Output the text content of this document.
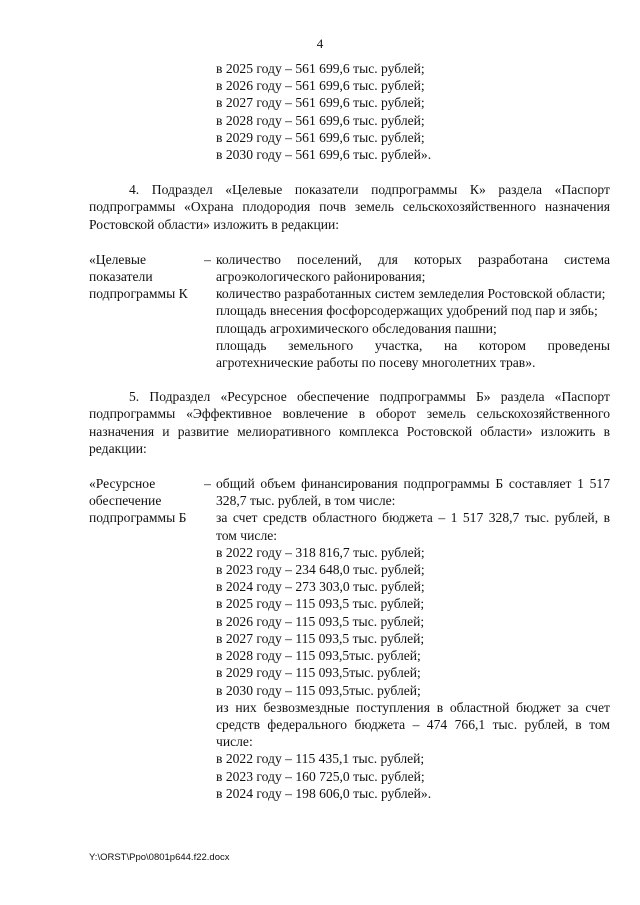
4
в 2025 году – 561 699,6 тыс. рублей;
в 2026 году – 561 699,6 тыс. рублей;
в 2027 году – 561 699,6 тыс. рублей;
в 2028 году – 561 699,6 тыс. рублей;
в 2029 году – 561 699,6 тыс. рублей;
в 2030 году – 561 699,6 тыс. рублей».
4. Подраздел «Целевые показатели подпрограммы К» раздела «Паспорт подпрограммы «Охрана плодородия почв земель сельскохозяйственного назначения Ростовской области» изложить в редакции:
«Целевые
показатели
подпрограммы К
– количество поселений, для которых разработана система агроэкологического районирования;
количество разработанных систем земледелия Ростовской области;
площадь внесения фосфорсодержащих удобрений под пар и зябь;
площадь агрохимического обследования пашни;
площадь земельного участка, на котором проведены агротехнические работы по посеву многолетних трав».
5. Подраздел «Ресурсное обеспечение подпрограммы Б» раздела «Паспорт подпрограммы «Эффективное вовлечение в оборот земель сельскохозяйственного назначения и развитие мелиоративного комплекса Ростовской области» изложить в редакции:
«Ресурсное
обеспечение
подпрограммы Б
– общий объем финансирования подпрограммы Б составляет 1 517 328,7 тыс. рублей, в том числе:
за счет средств областного бюджета – 1 517 328,7 тыс. рублей, в том числе:
в 2022 году – 318 816,7 тыс. рублей;
в 2023 году – 234 648,0 тыс. рублей;
в 2024 году – 273 303,0 тыс. рублей;
в 2025 году – 115 093,5 тыс. рублей;
в 2026 году – 115 093,5 тыс. рублей;
в 2027 году – 115 093,5 тыс. рублей;
в 2028 году – 115 093,5тыс. рублей;
в 2029 году – 115 093,5тыс. рублей;
в 2030 году – 115 093,5тыс. рублей;
из них безвозмездные поступления в областной бюджет за счет средств федерального бюджета – 474 766,1 тыс. рублей, в том числе:
в 2022 году – 115 435,1 тыс. рублей;
в 2023 году – 160 725,0 тыс. рублей;
в 2024 году – 198 606,0 тыс. рублей».
Y:\ORST\Ppo\0801p644.f22.docx
